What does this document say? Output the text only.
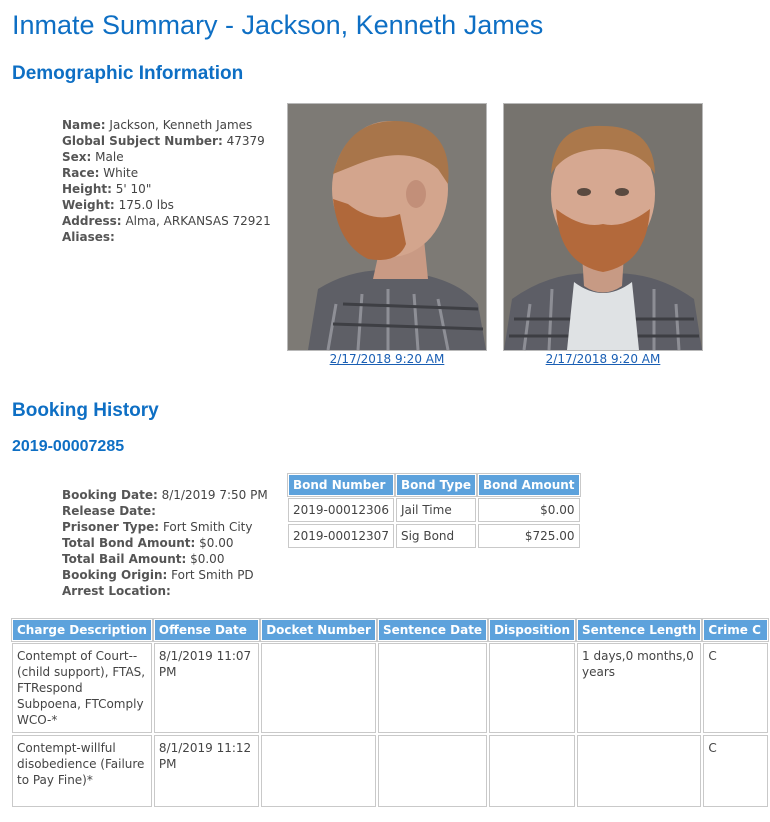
Inmate Summary - Jackson, Kenneth James
Demographic Information
Name: Jackson, Kenneth James
Global Subject Number: 47379
Sex: Male
Race: White
Height: 5' 10"
Weight: 175.0 lbs
Address: Alma, ARKANSAS 72921
Aliases:
2/17/2018 9:20 AM	2/17/2018 9:20 AM
Booking History
2019-00007285
Booking Date: 8/1/2019 7:50 PM
Release Date:
Prisoner Type: Fort Smith City
Total Bond Amount: $0.00
Total Bail Amount: $0.00
Booking Origin: Fort Smith PD
Arrest Location:
Bond Number	Bond Type	Bond Amount
2019-00012306	Jail Time	$0.00
2019-00012307	Sig Bond	$725.00
Charge Description	Offense Date	Docket Number	Sentence Date	Disposition	Sentence Length	Crime C
Contempt of Court--(child support), FTAS, FTRespond Subpoena, FTComply WCO-*	8/1/2019 11:07 PM				1 days,0 months,0 years	C
Contempt-willful disobedience (Failure to Pay Fine)*	8/1/2019 11:12 PM					C
